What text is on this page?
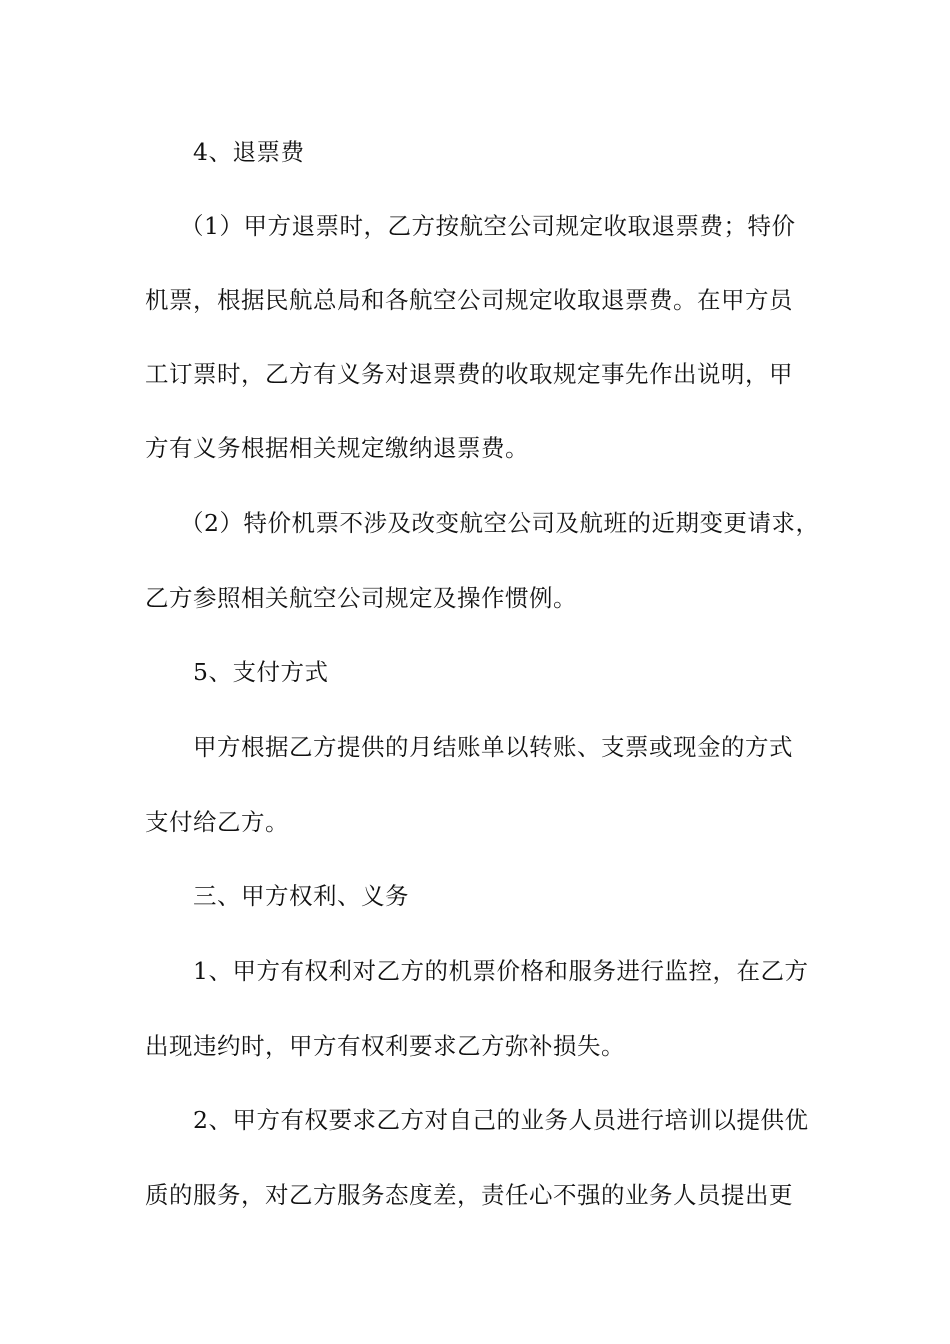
4、退票费
（1）甲方退票时，乙方按航空公司规定收取退票费；特价
机票，根据民航总局和各航空公司规定收取退票费。在甲方员
工订票时，乙方有义务对退票费的收取规定事先作出说明，甲
方有义务根据相关规定缴纳退票费。
（2）特价机票不涉及改变航空公司及航班的近期变更请求，
乙方参照相关航空公司规定及操作惯例。
5、支付方式
甲方根据乙方提供的月结账单以转账、支票或现金的方式
支付给乙方。
三、甲方权利、义务
1、甲方有权利对乙方的机票价格和服务进行监控，在乙方
出现违约时，甲方有权利要求乙方弥补损失。
2、甲方有权要求乙方对自己的业务人员进行培训以提供优
质的服务，对乙方服务态度差，责任心不强的业务人员提出更
